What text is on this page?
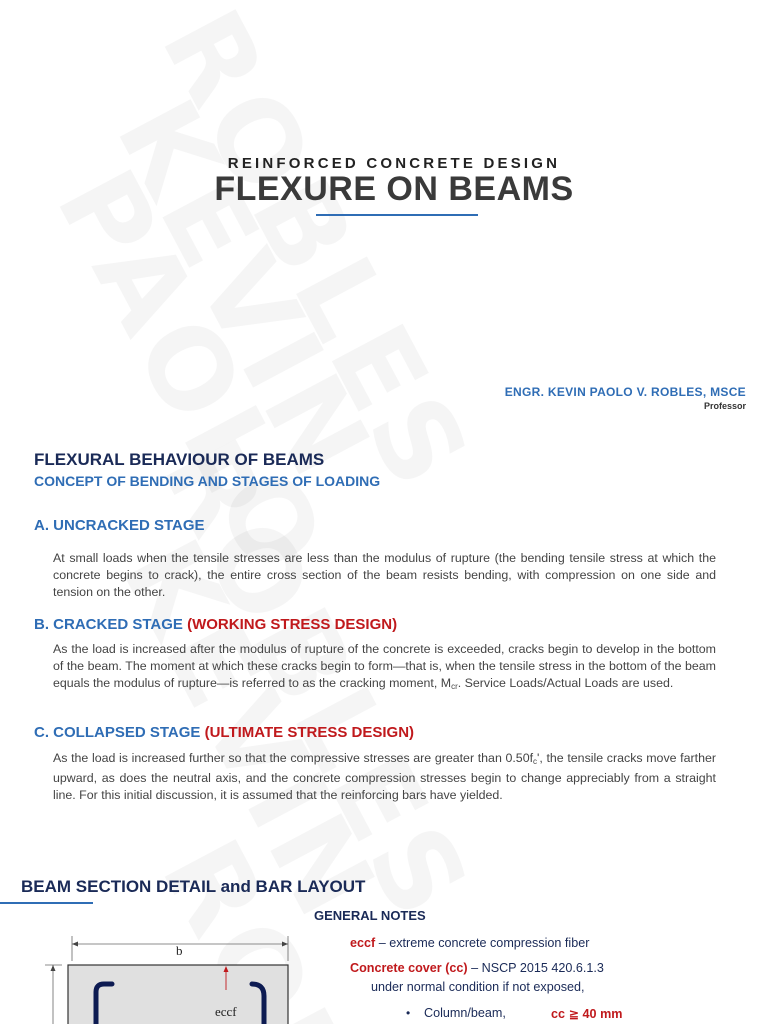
REINFORCED CONCRETE DESIGN
FLEXURE ON BEAMS
ENGR. KEVIN PAOLO V. ROBLES, MSCE
Professor
FLEXURAL BEHAVIOUR OF BEAMS
CONCEPT OF BENDING AND STAGES OF LOADING
A. UNCRACKED STAGE
At small loads when the tensile stresses are less than the modulus of rupture (the bending tensile stress at which the concrete begins to crack), the entire cross section of the beam resists bending, with compression on one side and tension on the other.
B. CRACKED STAGE (WORKING STRESS DESIGN)
As the load is increased after the modulus of rupture of the concrete is exceeded, cracks begin to develop in the bottom of the beam. The moment at which these cracks begin to form—that is, when the tensile stress in the bottom of the beam equals the modulus of rupture—is referred to as the cracking moment, $M_{cr}$. Service Loads/Actual Loads are used.
C. COLLAPSED STAGE (ULTIMATE STRESS DESIGN)
As the load is increased further so that the compressive stresses are greater than $0.50f_c'$, the tensile cracks move farther upward, as does the neutral axis, and the concrete compression stresses begin to change appreciably from a straight line. For this initial discussion, it is assumed that the reinforcing bars have yielded.
BEAM SECTION DETAIL and BAR LAYOUT
GENERAL NOTES
eccf – extreme concrete compression fiber
Concrete cover (cc) – NSCP 2015 420.6.1.3
under normal condition if not exposed,
• Column/beam,	cc ≧ 40 mm
b
eccf
